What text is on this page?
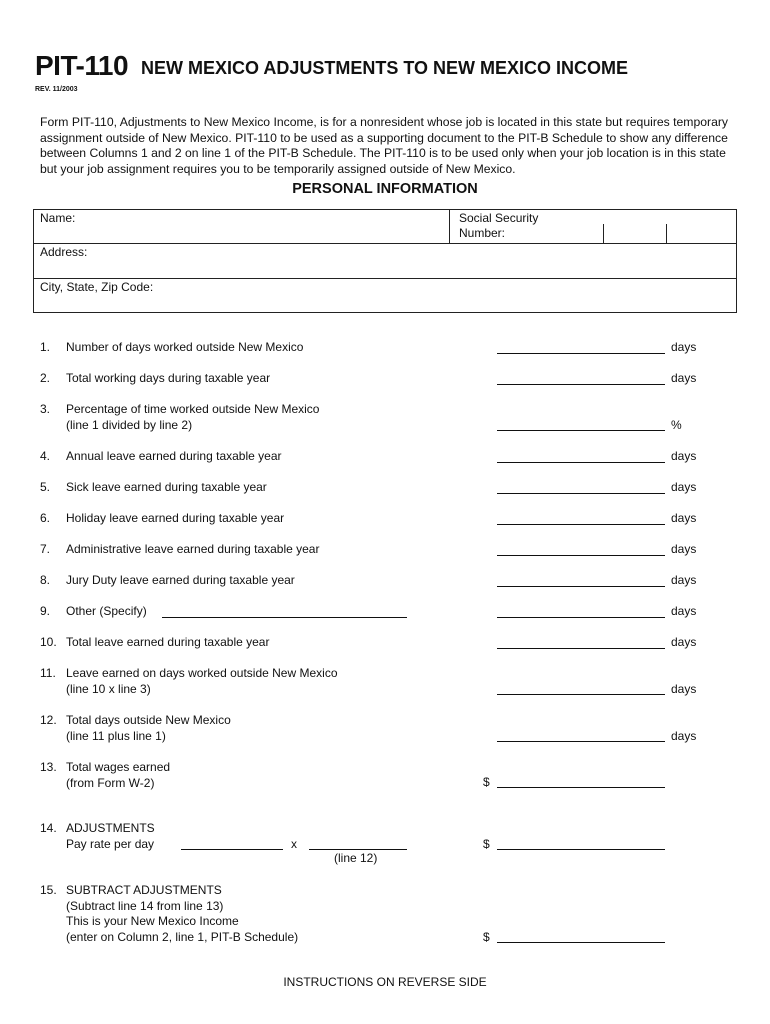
PIT-110 NEW MEXICO ADJUSTMENTS TO NEW MEXICO INCOME
REV. 11/2003
Form PIT-110, Adjustments to New Mexico Income, is for a nonresident whose job is located in this state but requires temporary
assignment outside of New Mexico. PIT-110 to be used as a supporting document to the PIT-B Schedule to show any difference
between Columns 1 and 2 on line 1 of the PIT-B Schedule. The PIT-110 is to be used only when your job location is in this state
but your job assignment requires you to be temporarily assigned outside of New Mexico.
PERSONAL INFORMATION
Name:	Social Security
Number:
Address:
City, State, Zip Code:
1.	Number of days worked outside New Mexico	days
2.	Total working days during taxable year	days
3.	Percentage of time worked outside New Mexico
(line 1 divided by line 2)	%
4.	Annual leave earned during taxable year	days
5.	Sick leave earned during taxable year	days
6.	Holiday leave earned during taxable year	days
7.	Administrative leave earned during taxable year	days
8.	Jury Duty leave earned during taxable year	days
9.	Other (Specify)	days
10. Total leave earned during taxable year	days
11. Leave earned on days worked outside New Mexico
(line 10 x line 3)	days
12. Total days outside New Mexico
(line 11 plus line 1)	days
13. Total wages earned
(from Form W-2)	$
14. ADJUSTMENTS
Pay rate per day	x
(line 12)
$
15. SUBTRACT ADJUSTMENTS
(Subtract line 14 from line 13)
This is your New Mexico Income
(enter on Column 2, line 1, PIT-B Schedule)	$
INSTRUCTIONS ON REVERSE SIDE
